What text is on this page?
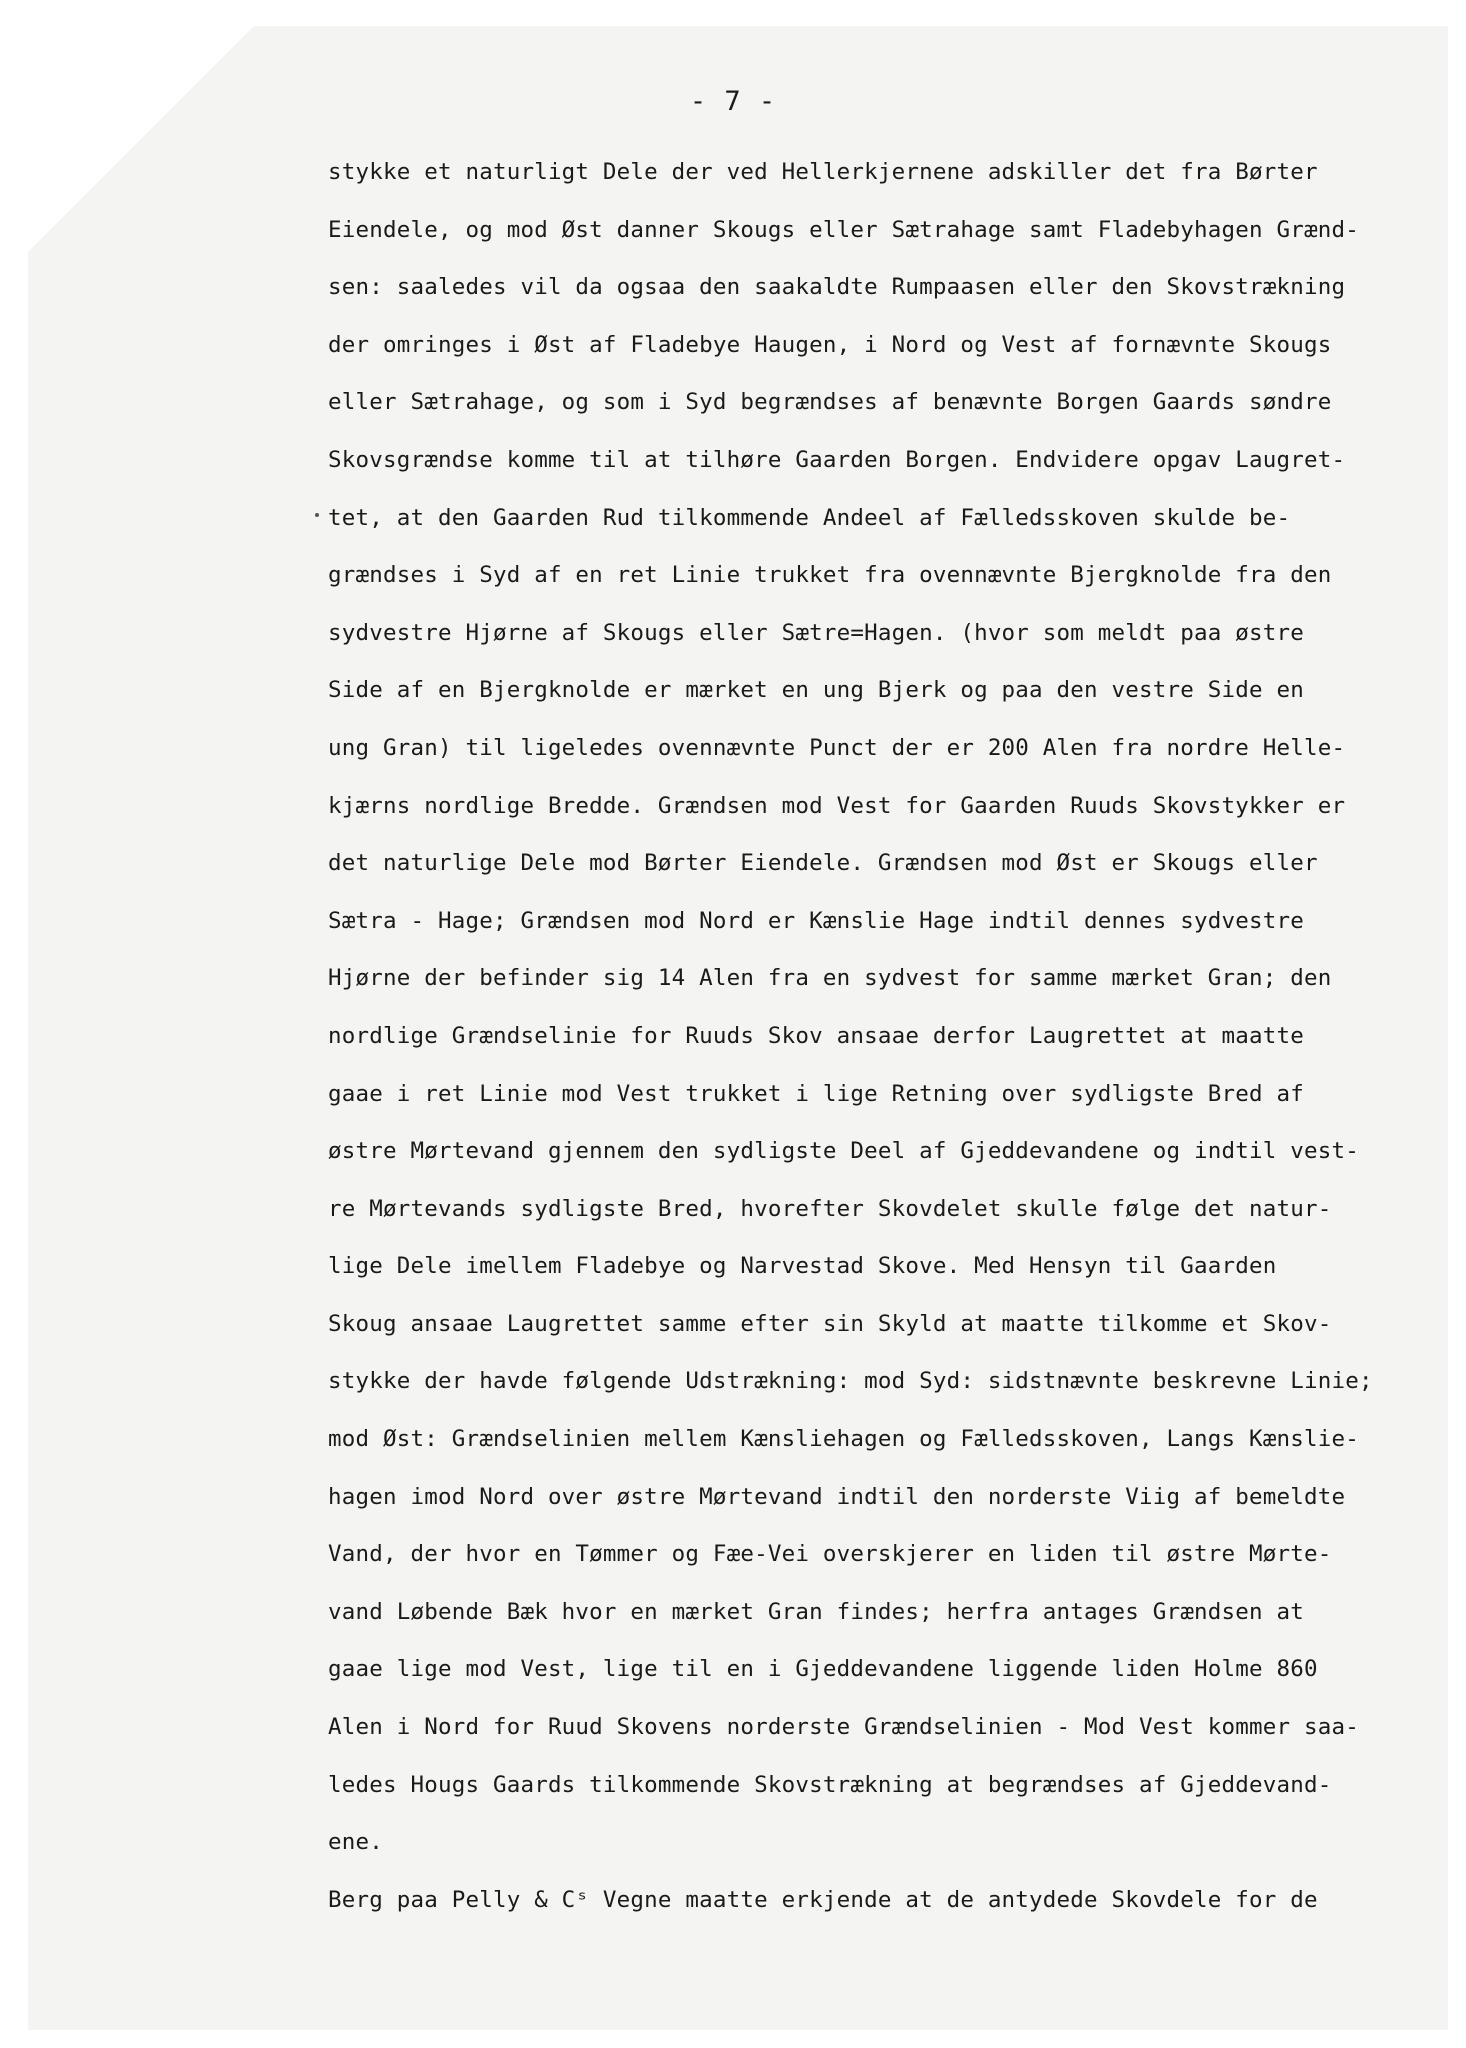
- 7 -
stykke et naturligt Dele der ved Hellerkjernene adskiller det fra Børter
Eiendele, og mod Øst danner Skougs eller Sætrahage samt Fladebyhagen Grænd-
sen: saaledes vil da ogsaa den saakaldte Rumpaasen eller den Skovstrækning
der omringes i Øst af Fladebye Haugen, i Nord og Vest af fornævnte Skougs
eller Sætrahage, og som i Syd begrændses af benævnte Borgen Gaards søndre
Skovsgrændse komme til at tilhøre Gaarden Borgen. Endvidere opgav Laugret-
tet, at den Gaarden Rud tilkommende Andeel af Fælledsskoven skulde be-
grændses i Syd af en ret Linie trukket fra ovennævnte Bjergknolde fra den
sydvestre Hjørne af Skougs eller Sætre=Hagen. (hvor som meldt paa østre
Side af en Bjergknolde er mærket en ung Bjerk og paa den vestre Side en
ung Gran) til ligeledes ovennævnte Punct der er 200 Alen fra nordre Helle-
kjærns nordlige Bredde. Grændsen mod Vest for Gaarden Ruuds Skovstykker er
det naturlige Dele mod Børter Eiendele. Grændsen mod Øst er Skougs eller
Sætra - Hage; Grændsen mod Nord er Kænslie Hage indtil dennes sydvestre
Hjørne der befinder sig 14 Alen fra en sydvest for samme mærket Gran; den
nordlige Grændselinie for Ruuds Skov ansaae derfor Laugrettet at maatte
gaae i ret Linie mod Vest trukket i lige Retning over sydligste Bred af
østre Mørtevand gjennem den sydligste Deel af Gjeddevandene og indtil vest-
re Mørtevands sydligste Bred, hvorefter Skovdelet skulle følge det natur-
lige Dele imellem Fladebye og Narvestad Skove. Med Hensyn til Gaarden
Skoug ansaae Laugrettet samme efter sin Skyld at maatte tilkomme et Skov-
stykke der havde følgende Udstrækning: mod Syd: sidstnævnte beskrevne Linie;
mod Øst: Grændselinien mellem Kænsliehagen og Fælledsskoven, Langs Kænslie-
hagen imod Nord over østre Mørtevand indtil den norderste Viig af bemeldte
Vand, der hvor en Tømmer og Fæe-Vei overskjerer en liden til østre Mørte-
vand Løbende Bæk hvor en mærket Gran findes; herfra antages Grændsen at
gaae lige mod Vest, lige til en i Gjeddevandene liggende liden Holme 860
Alen i Nord for Ruud Skovens norderste Grændselinien - Mod Vest kommer saa-
ledes Hougs Gaards tilkommende Skovstrækning at begrændses af Gjeddevand-
ene.
Berg paa Pelly & Cˢ Vegne maatte erkjende at de antydede Skovdele for de
